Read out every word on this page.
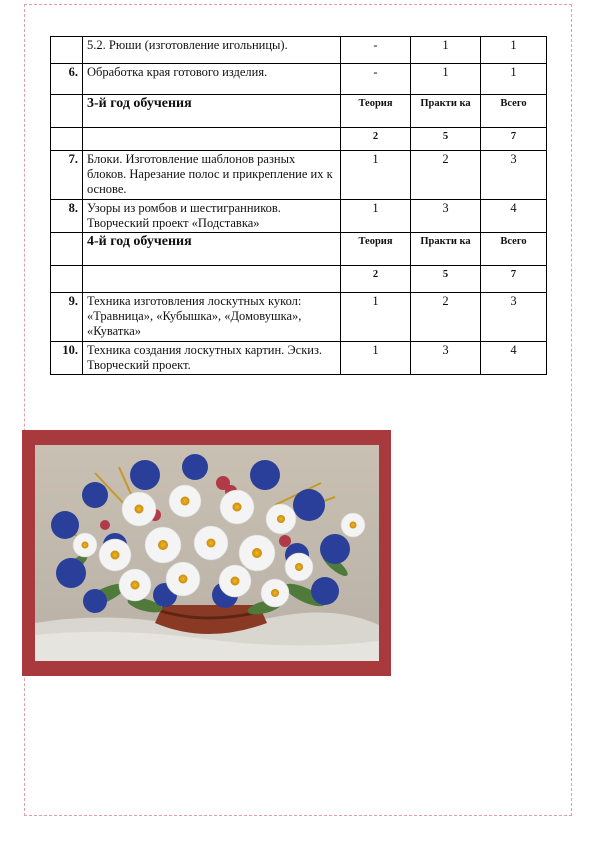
	5.2. Рюши (изготовление игольницы).	-	1	1
6.	Обработка края готового изделия.	-	1	1
	3-й год обучения	Теория	Практи ка	Всего
		2	5	7
7.	Блоки. Изготовление шаблонов разных блоков. Нарезание полос и прикрепление их к основе.	1	2	3
8.	Узоры из ромбов и шестигранников. Творческий проект «Подставка»	1	3	4
	4-й год обучения	Теория	Практи ка	Всего
		2	5	7
9.	Техника изготовления лоскутных кукол: «Травница», «Кубышка», «Домовушка», «Куватка»	1	2	3
10.	Техника создания лоскутных картин. Эскиз. Творческий проект.	1	3	4
